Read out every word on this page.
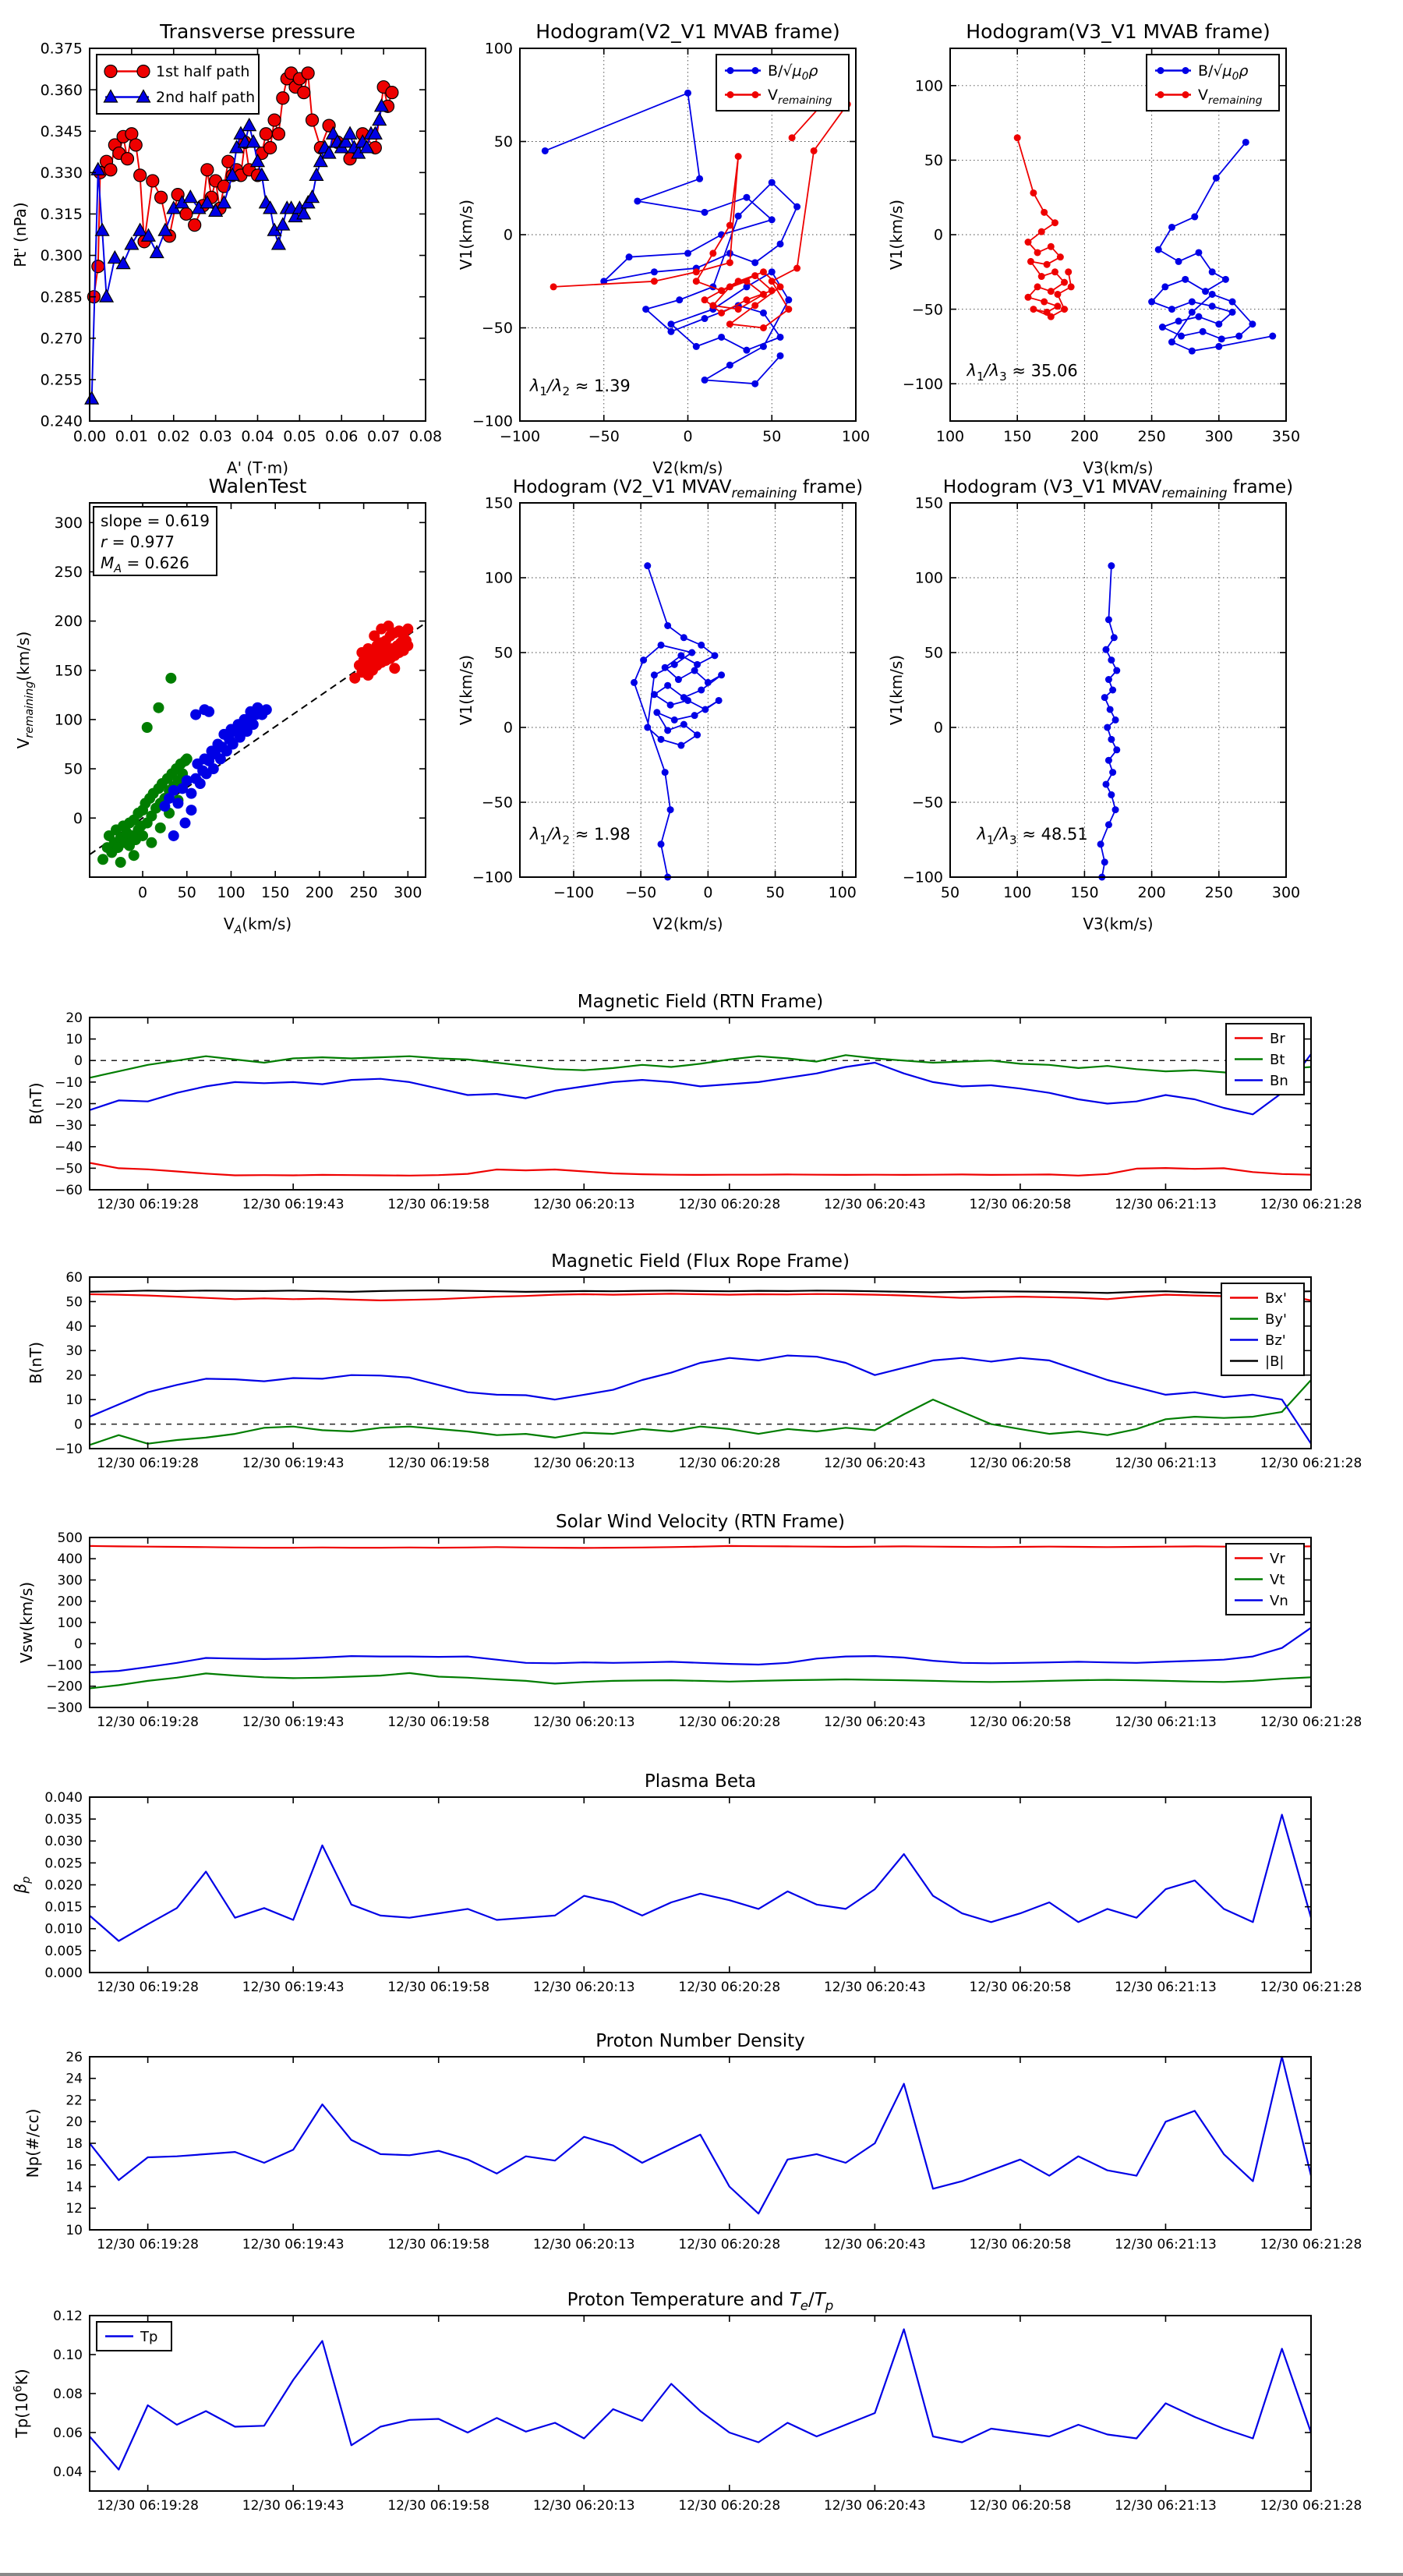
0.00 0.01 0.02 0.03 0.04 0.05 0.06 0.07 0.08
0.240
0.255
0.270
0.285
0.300
0.315
0.330
0.345
0.360
0.375
Transverse pressure
A' (T·m)
Pt' (nPa)
1st half path
2nd half path
−100	−50	0	50	100
−100
−50
0
50
100
Hodogram(V2_V1 MVAB frame)
V2(km/s)
V1(km/s)
$\lambda_1/\lambda_2 \approx 1.39$
$B/√\mu_0\rho$
$V_{remaining}$
100	150	200	250	300	350
−100
−50
0
50
100
Hodogram(V3_V1 MVAB frame)
V3(km/s)
V1(km/s)
$\lambda_1/\lambda_3 \approx 35.06$
$B/√\mu_0\rho$
$V_{remaining}$
0 50 100 150 200 250 300
0
50
100
150
200
250
300
WalenTest
$V_A(km/s)$
$V_{remaining}(km/s)$
slope = 0.619
r = 0.977
$M_A = 0.626$
−100 −50	0	50	100
−100
−50
0
50
100
150
Hodogram (V2_V1 $MVAV_{remaining}$ frame)
V2(km/s)
V1(km/s)
$\lambda_1/\lambda_2 \approx 1.98$
50	100	150	200	250	300
−100
−50
0
50
100
150
Hodogram (V3_V1 $MVAV_{remaining}$ frame)
V3(km/s)
V1(km/s)
$\lambda_1/\lambda_3 \approx 48.51$
12/30 06:19:28	12/30 06:19:43	12/30 06:19:58	12/30 06:20:13	12/30 06:20:28	12/30 06:20:43	12/30 06:20:58	12/30 06:21:13	12/30 06:21:28
−60
−50
−40
−30
−20
−10
0
10
20
Magnetic Field (RTN Frame)
B(nT)
Br
Bt
Bn
12/30 06:19:28	12/30 06:19:43	12/30 06:19:58	12/30 06:20:13	12/30 06:20:28	12/30 06:20:43	12/30 06:20:58	12/30 06:21:13	12/30 06:21:28
−10
0
10
20
30
40
50
60
Magnetic Field (Flux Rope Frame)
B(nT)
Bx'
By'
Bz'
|B|
12/30 06:19:28	12/30 06:19:43	12/30 06:19:58	12/30 06:20:13	12/30 06:20:28	12/30 06:20:43	12/30 06:20:58	12/30 06:21:13	12/30 06:21:28
−300
−200
−100
0
100
200
300
400
500
Solar Wind Velocity (RTN Frame)
Vsw(km/s)
Vr
Vt
Vn
12/30 06:19:28	12/30 06:19:43	12/30 06:19:58	12/30 06:20:13	12/30 06:20:28	12/30 06:20:43	12/30 06:20:58	12/30 06:21:13	12/30 06:21:28
0.000
0.005
0.010
0.015
0.020
0.025
0.030
0.035
0.040
Plasma Beta
$\beta_p$
12/30 06:19:28	12/30 06:19:43	12/30 06:19:58	12/30 06:20:13	12/30 06:20:28	12/30 06:20:43	12/30 06:20:58	12/30 06:21:13	12/30 06:21:28
10
12
14
16
18
20
22
24
26
Proton Number Density
Np(#/cc)
12/30 06:19:28	12/30 06:19:43	12/30 06:19:58	12/30 06:20:13	12/30 06:20:28	12/30 06:20:43	12/30 06:20:58	12/30 06:21:13	12/30 06:21:28
0.04
0.06
0.08
0.10
0.12
Proton Temperature and $T_e/T_p$
$Tp(10^6K)$
Tp
